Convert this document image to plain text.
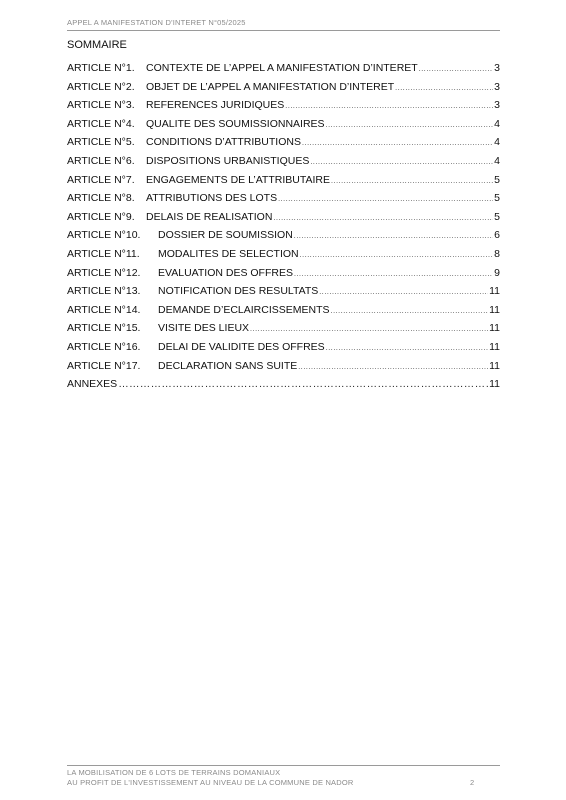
APPEL A MANIFESTATION D'INTERET N°05/2025
SOMMAIRE
ARTICLE N°1.	CONTEXTE DE L’APPEL A MANIFESTATION D’INTERET .....	3
ARTICLE N°2.	OBJET DE L’APPEL A MANIFESTATION D’INTERET .....	3
ARTICLE N°3.	REFERENCES JURIDIQUES .....	3
ARTICLE N°4.	QUALITE DES SOUMISSIONNAIRES .....	4
ARTICLE N°5.	CONDITIONS D’ATTRIBUTIONS .....	4
ARTICLE N°6.	DISPOSITIONS URBANISTIQUES .....	4
ARTICLE N°7.	ENGAGEMENTS DE L’ATTRIBUTAIRE .....	5
ARTICLE N°8.	ATTRIBUTIONS DES LOTS .....	5
ARTICLE N°9.	DELAIS DE REALISATION .....	5
ARTICLE N°10.	DOSSIER DE SOUMISSION .....	6
ARTICLE N°11.	MODALITES DE SELECTION .....	8
ARTICLE N°12.	EVALUATION DES OFFRES .....	9
ARTICLE N°13.	NOTIFICATION DES RESULTATS .....	11
ARTICLE N°14.	DEMANDE D’ECLAIRCISSEMENTS .....	11
ARTICLE N°15.	VISITE DES LIEUX .....	11
ARTICLE N°16.	DELAI DE VALIDITE DES OFFRES .....	11
ARTICLE N°17.	DECLARATION SANS SUITE .....	11
ANNEXES …………………………………………………………………………………………………………………………………	11
LA MOBILISATION DE 6 LOTS DE TERRAINS DOMANIAUX
AU PROFIT DE L'INVESTISSEMENT AU NIVEAU DE LA COMMUNE DE NADOR	2
